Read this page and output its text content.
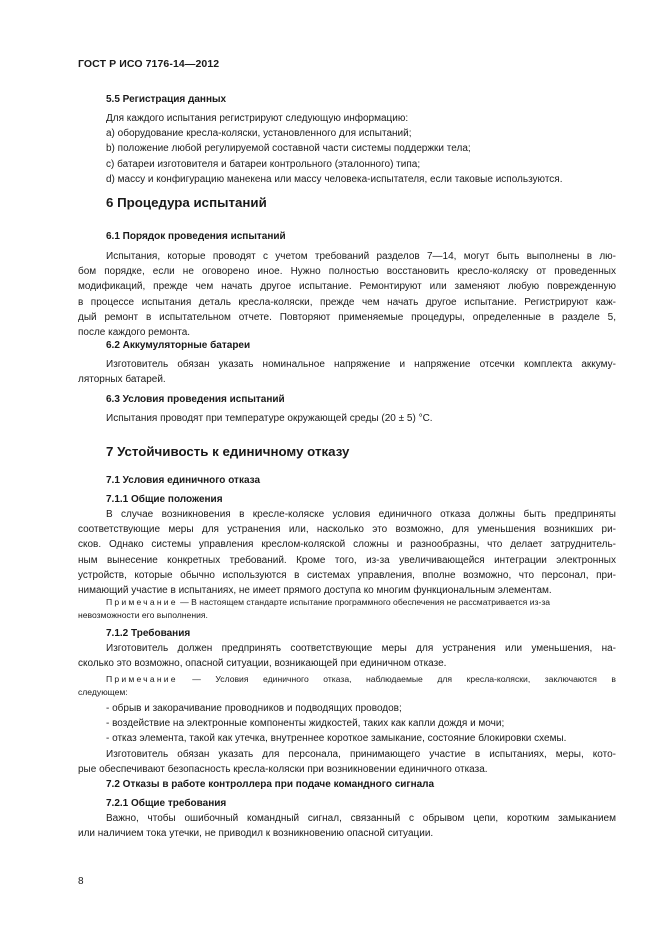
ГОСТ Р ИСО 7176-14—2012
5.5 Регистрация данных

Для каждого испытания регистрируют следующую информацию:

а) оборудование кресла-коляски, установленного для испытаний;

b) положение любой регулируемой составной части системы поддержки тела;

c) батареи изготовителя и батареи контрольного (эталонного) типа;

d) массу и конфигурацию манекена или массу человека-испытателя, если таковые используются.

6 Процедура испытаний
6.1 Порядок проведения испытаний

Испытания, которые проводят с учетом требований разделов 7—14, могут быть выполнены в лю-

бом порядке, если не оговорено иное. Нужно полностью восстановить кресло-коляску от проведенных

модификаций, прежде чем начать другое испытание. Ремонтируют или заменяют любую поврежденную

в процессе испытания деталь кресла-коляски, прежде чем начать другое испытание. Регистрируют каж-

дый ремонт в испытательном отчете. Повторяют применяемые процедуры, определенные в разделе 5,

после каждого ремонта.

6.2 Аккумуляторные батареи

Изготовитель обязан указать номинальное напряжение и напряжение отсечки комплекта аккуму-

ляторных батарей.

6.3 Условия проведения испытаний

Испытания проводят при температуре окружающей среды (20 ± 5) °С.

7 Устойчивость к единичному отказу
7.1 Условия единичного отказа
7.1.1 Общие положения

В случае возникновения в кресле-коляске условия единичного отказа должны быть предприняты

соответствующие меры для устранения или, насколько это возможно, для уменьшения возникших ри-

сков. Однако системы управления креслом-коляской сложны и разнообразны, что делает затруднитель-

ным вынесение конкретных требований. Кроме того, из-за увеличивающейся интеграции электронных

устройств, которые обычно используются в системах управления, вполне возможно, что персонал, при-

нимающий участие в испытаниях, не имеет прямого доступа ко многим функциональным элементам.

Примечание — В настоящем стандарте испытание программного обеспечения не рассматривается из-за

невозможности его выполнения.

7.1.2 Требования

Изготовитель должен предпринять соответствующие меры для устранения или уменьшения, на-

сколько это возможно, опасной ситуации, возникающей при единичном отказе.

Примечание — Условия единичного отказа, наблюдаемые для кресла-коляски, заключаются в

следующем:

- обрыв и закорачивание проводников и подводящих проводов;

- воздействие на электронные компоненты жидкостей, таких как капли дождя и мочи;

- отказ элемента, такой как утечка, внутреннее короткое замыкание, состояние блокировки схемы.

Изготовитель обязан указать для персонала, принимающего участие в испытаниях, меры, кото-

рые обеспечивают безопасность кресла-коляски при возникновении единичного отказа.

7.2 Отказы в работе контроллера при подаче командного сигнала
7.2.1 Общие требования

Важно, чтобы ошибочный командный сигнал, связанный с обрывом цепи, коротким замыканием

или наличием тока утечки, не приводил к возникновению опасной ситуации.

8
